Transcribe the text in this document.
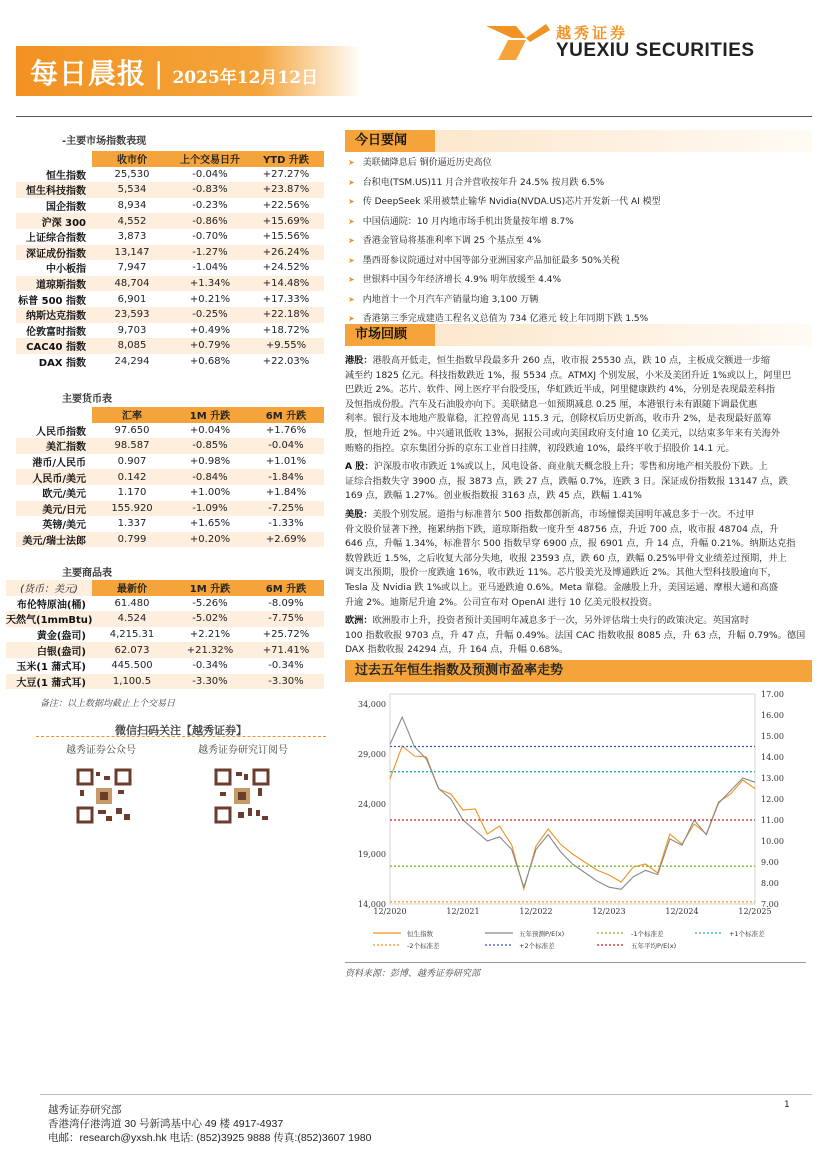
每日晨报 | 2025年12月12日
越秀证券
YUEXIU SECURITIES
-主要市场指数表现
	收市价	上个交易日升	YTD 升跌
恒生指数	25,530	-0.04%	+27.27%
恒生科技指数	5,534	-0.83%	+23.87%
国企指数	8,934	-0.23%	+22.56%
沪深 300	4,552	-0.86%	+15.69%
上证综合指数	3,873	-0.70%	+15.56%
深证成份指数	13,147	-1.27%	+26.24%
中小板指	7,947	-1.04%	+24.52%
道琼斯指数	48,704	+1.34%	+14.48%
标普 500 指数	6,901	+0.21%	+17.33%
纳斯达克指数	23,593	-0.25%	+22.18%
伦敦富时指数	9,703	+0.49%	+18.72%
CAC40 指数	8,085	+0.79%	+9.55%
DAX 指数	24,294	+0.68%	+22.03%
主要货币表
	汇率	1M 升跌	6M 升跌
人民币指数	97.650	+0.04%	+1.76%
美汇指数	98.587	-0.85%	-0.04%
港币/人民币	0.907	+0.98%	+1.01%
人民币/美元	0.142	-0.84%	-1.84%
欧元/美元	1.170	+1.00%	+1.84%
美元/日元	155.920	-1.09%	-7.25%
英镑/美元	1.337	+1.65%	-1.33%
美元/瑞士法郎	0.799	+0.20%	+2.69%
主要商品表
(货币：美元)	最新价	1M 升跌	6M 升跌
布伦特原油(桶)	61.480	-5.26%	-8.09%
天然气(1mmBtu)	4.524	-5.02%	-7.75%
黄金(盎司)	4,215.31	+2.21%	+25.72%
白银(盎司)	62.073	+21.32%	+71.41%
玉米(1 蒲式耳)	445.500	-0.34%	-0.34%
大豆(1 蒲式耳)	1,100.5	-3.30%	-3.30%
备注：以上数据均截止上个交易日
微信扫码关注【越秀证券】
越秀证券公众号	越秀证券研究订阅号
今日要闻
➤ 美联储降息后 铜价逼近历史高位
➤ 台积电(TSM.US)11 月合并营收按年升 24.5% 按月跌 6.5%
➤ 传 DeepSeek 采用被禁止输华 Nvidia(NVDA.US)芯片开发新一代 AI 模型
➤ 中国信通院：10 月内地市场手机出货量按年增 8.7%
➤ 香港金管局将基准利率下调 25 个基点至 4%
➤ 墨西哥参议院通过对中国等部分亚洲国家产品加征最多 50%关税
➤ 世银料中国今年经济增长 4.9% 明年放缓至 4.4%
➤ 内地首十一个月汽车产销量均逾 3,100 万辆
➤ 香港第三季完成建造工程名义总值为 734 亿港元 较上年同期下跌 1.5%
市场回顾
港股：港股高开低走，恒生指数早段最多升 260 点，收市报 25530 点，跌 10 点，主板成交额进一步缩
减至约 1825 亿元。科技指数跌近 1%，报 5534 点。ATMXJ 个别发展，小米及美团升近 1%或以上，阿里巴
巴跌近 2%。芯片、软件、网上医疗平台股受压，华虹跌近半成，阿里健康跌约 4%，分别是表现最差科指
及恒指成份股。汽车及石油股亦向下。美联储息一如预期减息 0.25 厘，本港银行未有跟随下调最优惠
利率。银行及本地地产股靠稳，汇控曾高见 115.3 元，创除权后历史新高，收市升 2%，是表现最好蓝筹
股，恒地升近 2%。中兴通讯低收 13%，据报公司或向美国政府支付逾 10 亿美元，以结束多年来有关海外
贿赂的指控。京东集团分拆的京东工业首日挂牌，初段跌逾 10%，最终平收于招股价 14.1 元。
A 股：沪深股市收市跌近 1%或以上，风电设备、商业航天概念股上升；零售和房地产相关股份下跌。上
证综合指数失守 3900 点，报 3873 点，跌 27 点，跌幅 0.7%，连跌 3 日。深证成份指数报 13147 点，跌
169 点，跌幅 1.27%。创业板指数报 3163 点，跌 45 点，跌幅 1.41%
美股：美股个别发展。道指与标准普尔 500 指数都创新高，市场憧憬美国明年减息多于一次。不过甲
骨文股价显著下挫，拖累纳指下跌，道琼斯指数一度升至 48756 点，升近 700 点，收市报 48704 点，升
646 点，升幅 1.34%，标准普尔 500 指数早穿 6900 点，报 6901 点，升 14 点，升幅 0.21%。纳斯达克指
数曾跌近 1.5%，之后收复大部分失地，收报 23593 点，跌 60 点，跌幅 0.25%甲骨文业绩差过预期，并上
调支出预期，股价一度跌逾 16%，收市跌近 11%。芯片股美光及博通跌近 2%。其他大型科技股逾向下，
Tesla 及 Nvidia 跌 1%或以上。亚马逊跌逾 0.6%。Meta 靠稳。金融股上升，美国运通、摩根大通和高盛
升逾 2%。迪斯尼升逾 2%。公司宣布对 OpenAI 进行 10 亿美元股权投资。
欧洲：欧洲股市上升，投资者预计美国明年减息多于一次，另外评估瑞士央行的政策决定。英国富时
100 指数收报 9703 点，升 47 点，升幅 0.49%。法国 CAC 指数收报 8085 点，升 63 点，升幅 0.79%。德国
DAX 指数收报 24294 点，升 164 点，升幅 0.68%。
过去五年恒生指数及预测市盈率走势
14,000
19,000
24,000
29,000
34,000
7.00
8.00
9.00
10.00
11.00
12.00
13.00
14.00
15.00
16.00
17.00
12/2020	12/2021	12/2022	12/2023	12/2024	12/2025
恒生指数	五年预测P/E(x)	-1个标准差	+1个标准差
-2个标准差	+2个标准差	五年平均P/E(x)
资料来源：彭博、越秀证券研究部
越秀证券研究部
香港湾仔港湾道 30 号新鸿基中心 49 楼 4917-4937
电邮：research@yxsh.hk 电话: (852)3925 9888 传真:(852)3607 1980
1
